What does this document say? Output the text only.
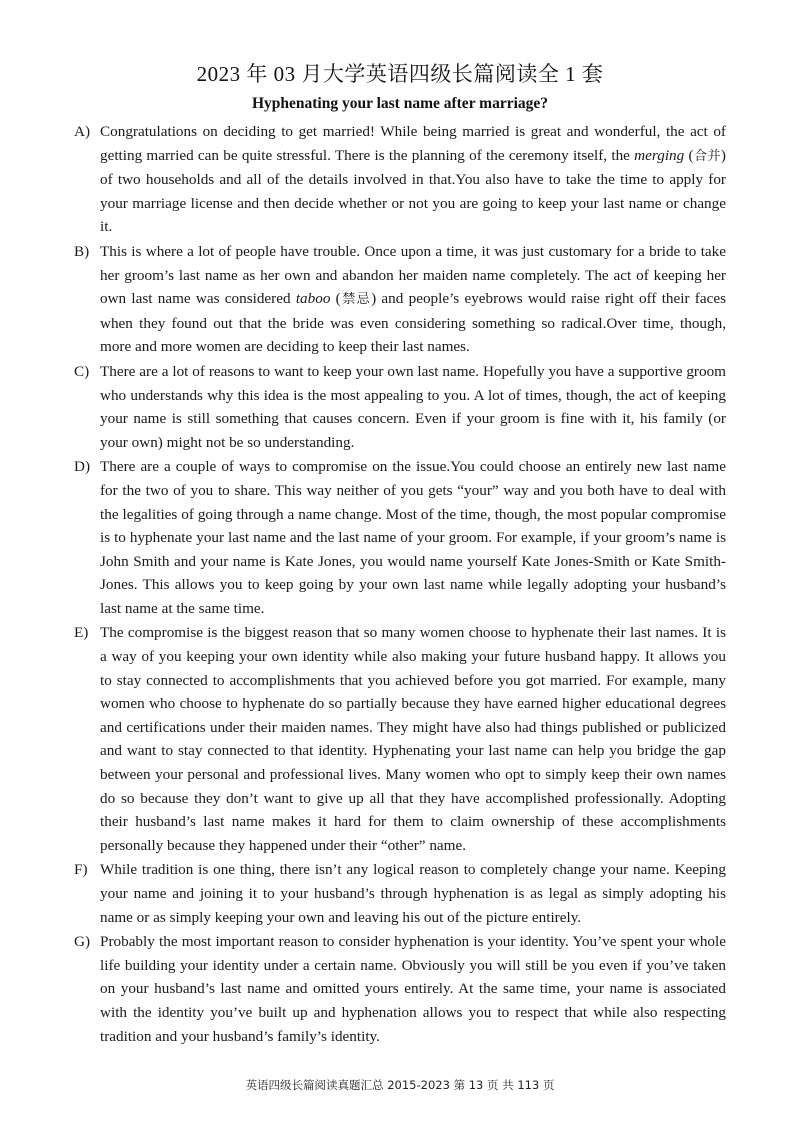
2023 年 03 月大学英语四级长篇阅读全 1 套
Hyphenating your last name after marriage?
A) Congratulations on deciding to get married! While being married is great and wonderful, the act of getting married can be quite stressful. There is the planning of the ceremony itself, the merging (合并) of two households and all of the details involved in that.You also have to take the time to apply for your marriage license and then decide whether or not you are going to keep your last name or change it.
B) This is where a lot of people have trouble. Once upon a time, it was just customary for a bride to take her groom’s last name as her own and abandon her maiden name completely. The act of keeping her own last name was considered taboo (禁忌) and people’s eyebrows would raise right off their faces when they found out that the bride was even considering something so radical.Over time, though, more and more women are deciding to keep their last names.
C) There are a lot of reasons to want to keep your own last name. Hopefully you have a supportive groom who understands why this idea is the most appealing to you. A lot of times, though, the act of keeping your name is still something that causes concern. Even if your groom is fine with it, his family (or your own) might not be so understanding.
D) There are a couple of ways to compromise on the issue.You could choose an entirely new last name for the two of you to share. This way neither of you gets “your” way and you both have to deal with the legalities of going through a name change. Most of the time, though, the most popular compromise is to hyphenate your last name and the last name of your groom. For example, if your groom’s name is John Smith and your name is Kate Jones, you would name yourself Kate Jones-Smith or Kate Smith-Jones. This allows you to keep going by your own last name while legally adopting your husband’s last name at the same time.
E) The compromise is the biggest reason that so many women choose to hyphenate their last names. It is a way of you keeping your own identity while also making your future husband happy. It allows you to stay connected to accomplishments that you achieved before you got married. For example, many women who choose to hyphenate do so partially because they have earned higher educational degrees and certifications under their maiden names. They might have also had things published or publicized and want to stay connected to that identity. Hyphenating your last name can help you bridge the gap between your personal and professional lives. Many women who opt to simply keep their own names do so because they don’t want to give up all that they have accomplished professionally. Adopting their husband’s last name makes it hard for them to claim ownership of these accomplishments personally because they happened under their “other” name.
F) While tradition is one thing, there isn’t any logical reason to completely change your name. Keeping your name and joining it to your husband’s through hyphenation is as legal as simply adopting his name or as simply keeping your own and leaving his out of the picture entirely.
G) Probably the most important reason to consider hyphenation is your identity. You’ve spent your whole life building your identity under a certain name. Obviously you will still be you even if you’ve taken on your husband’s last name and omitted yours entirely. At the same time, your name is associated with the identity you’ve built up and hyphenation allows you to respect that while also respecting tradition and your husband’s family’s identity.
英语四级长篇阅读真题汇总 2015-2023 第 13 页 共 113 页
